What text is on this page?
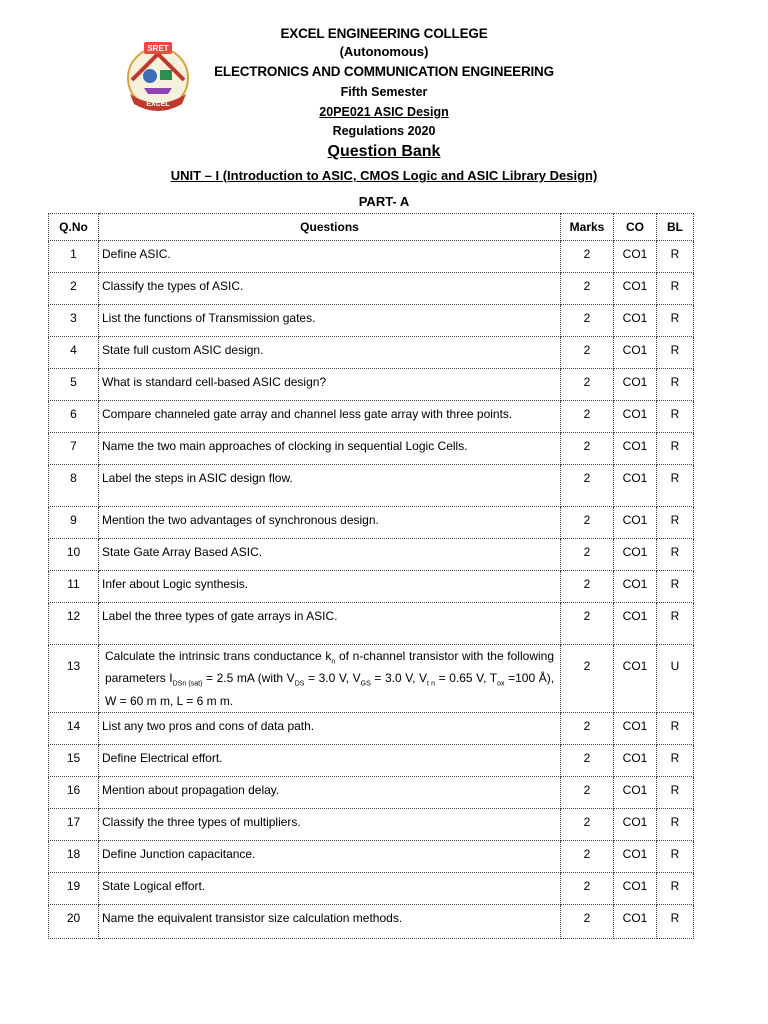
SRET
EXCEL
EXCEL ENGINEERING COLLEGE
(Autonomous)
ELECTRONICS AND COMMUNICATION ENGINEERING
Fifth Semester
20PE021 ASIC Design
Regulations 2020
Question Bank
UNIT – I (Introduction to ASIC, CMOS Logic and ASIC Library Design)
PART- A
Q.No	Questions	Marks	CO	BL
1	Define ASIC.	2	CO1	R
2	Classify the types of ASIC.	2	CO1	R
3	List the functions of Transmission gates.	2	CO1	R
4	State full custom ASIC design.	2	CO1	R
5	What is standard cell-based ASIC design?	2	CO1	R
6	Compare channeled gate array and channel less gate array with three points.	2	CO1	R
7	Name the two main approaches of clocking in sequential Logic Cells.	2	CO1	R
8	Label the steps in ASIC design flow.	2	CO1	R
9	Mention the two advantages of synchronous design.	2	CO1	R
10	State Gate Array Based ASIC.	2	CO1	R
11	Infer about Logic synthesis.	2	CO1	R
12	Label the three types of gate arrays in ASIC.	2	CO1	R
13	Calculate the intrinsic trans conductance $k_n$ of n-channel transistor with the following parameters $I_{DSn (sat)} = 2.5$ mA (with $V_{DS} = 3.0$ V, $V_{GS} = 3.0$ V, $V_{t n} = 0.65$ V, $T_{ox} =100$ Å), W = 60 m m, L = 6 m m.	2	CO1	U
14	List any two pros and cons of data path.	2	CO1	R
15	Define Electrical effort.	2	CO1	R
16	Mention about propagation delay.	2	CO1	R
17	Classify the three types of multipliers.	2	CO1	R
18	Define Junction capacitance.	2	CO1	R
19	State Logical effort.	2	CO1	R
20	Name the equivalent transistor size calculation methods.	2	CO1	R
